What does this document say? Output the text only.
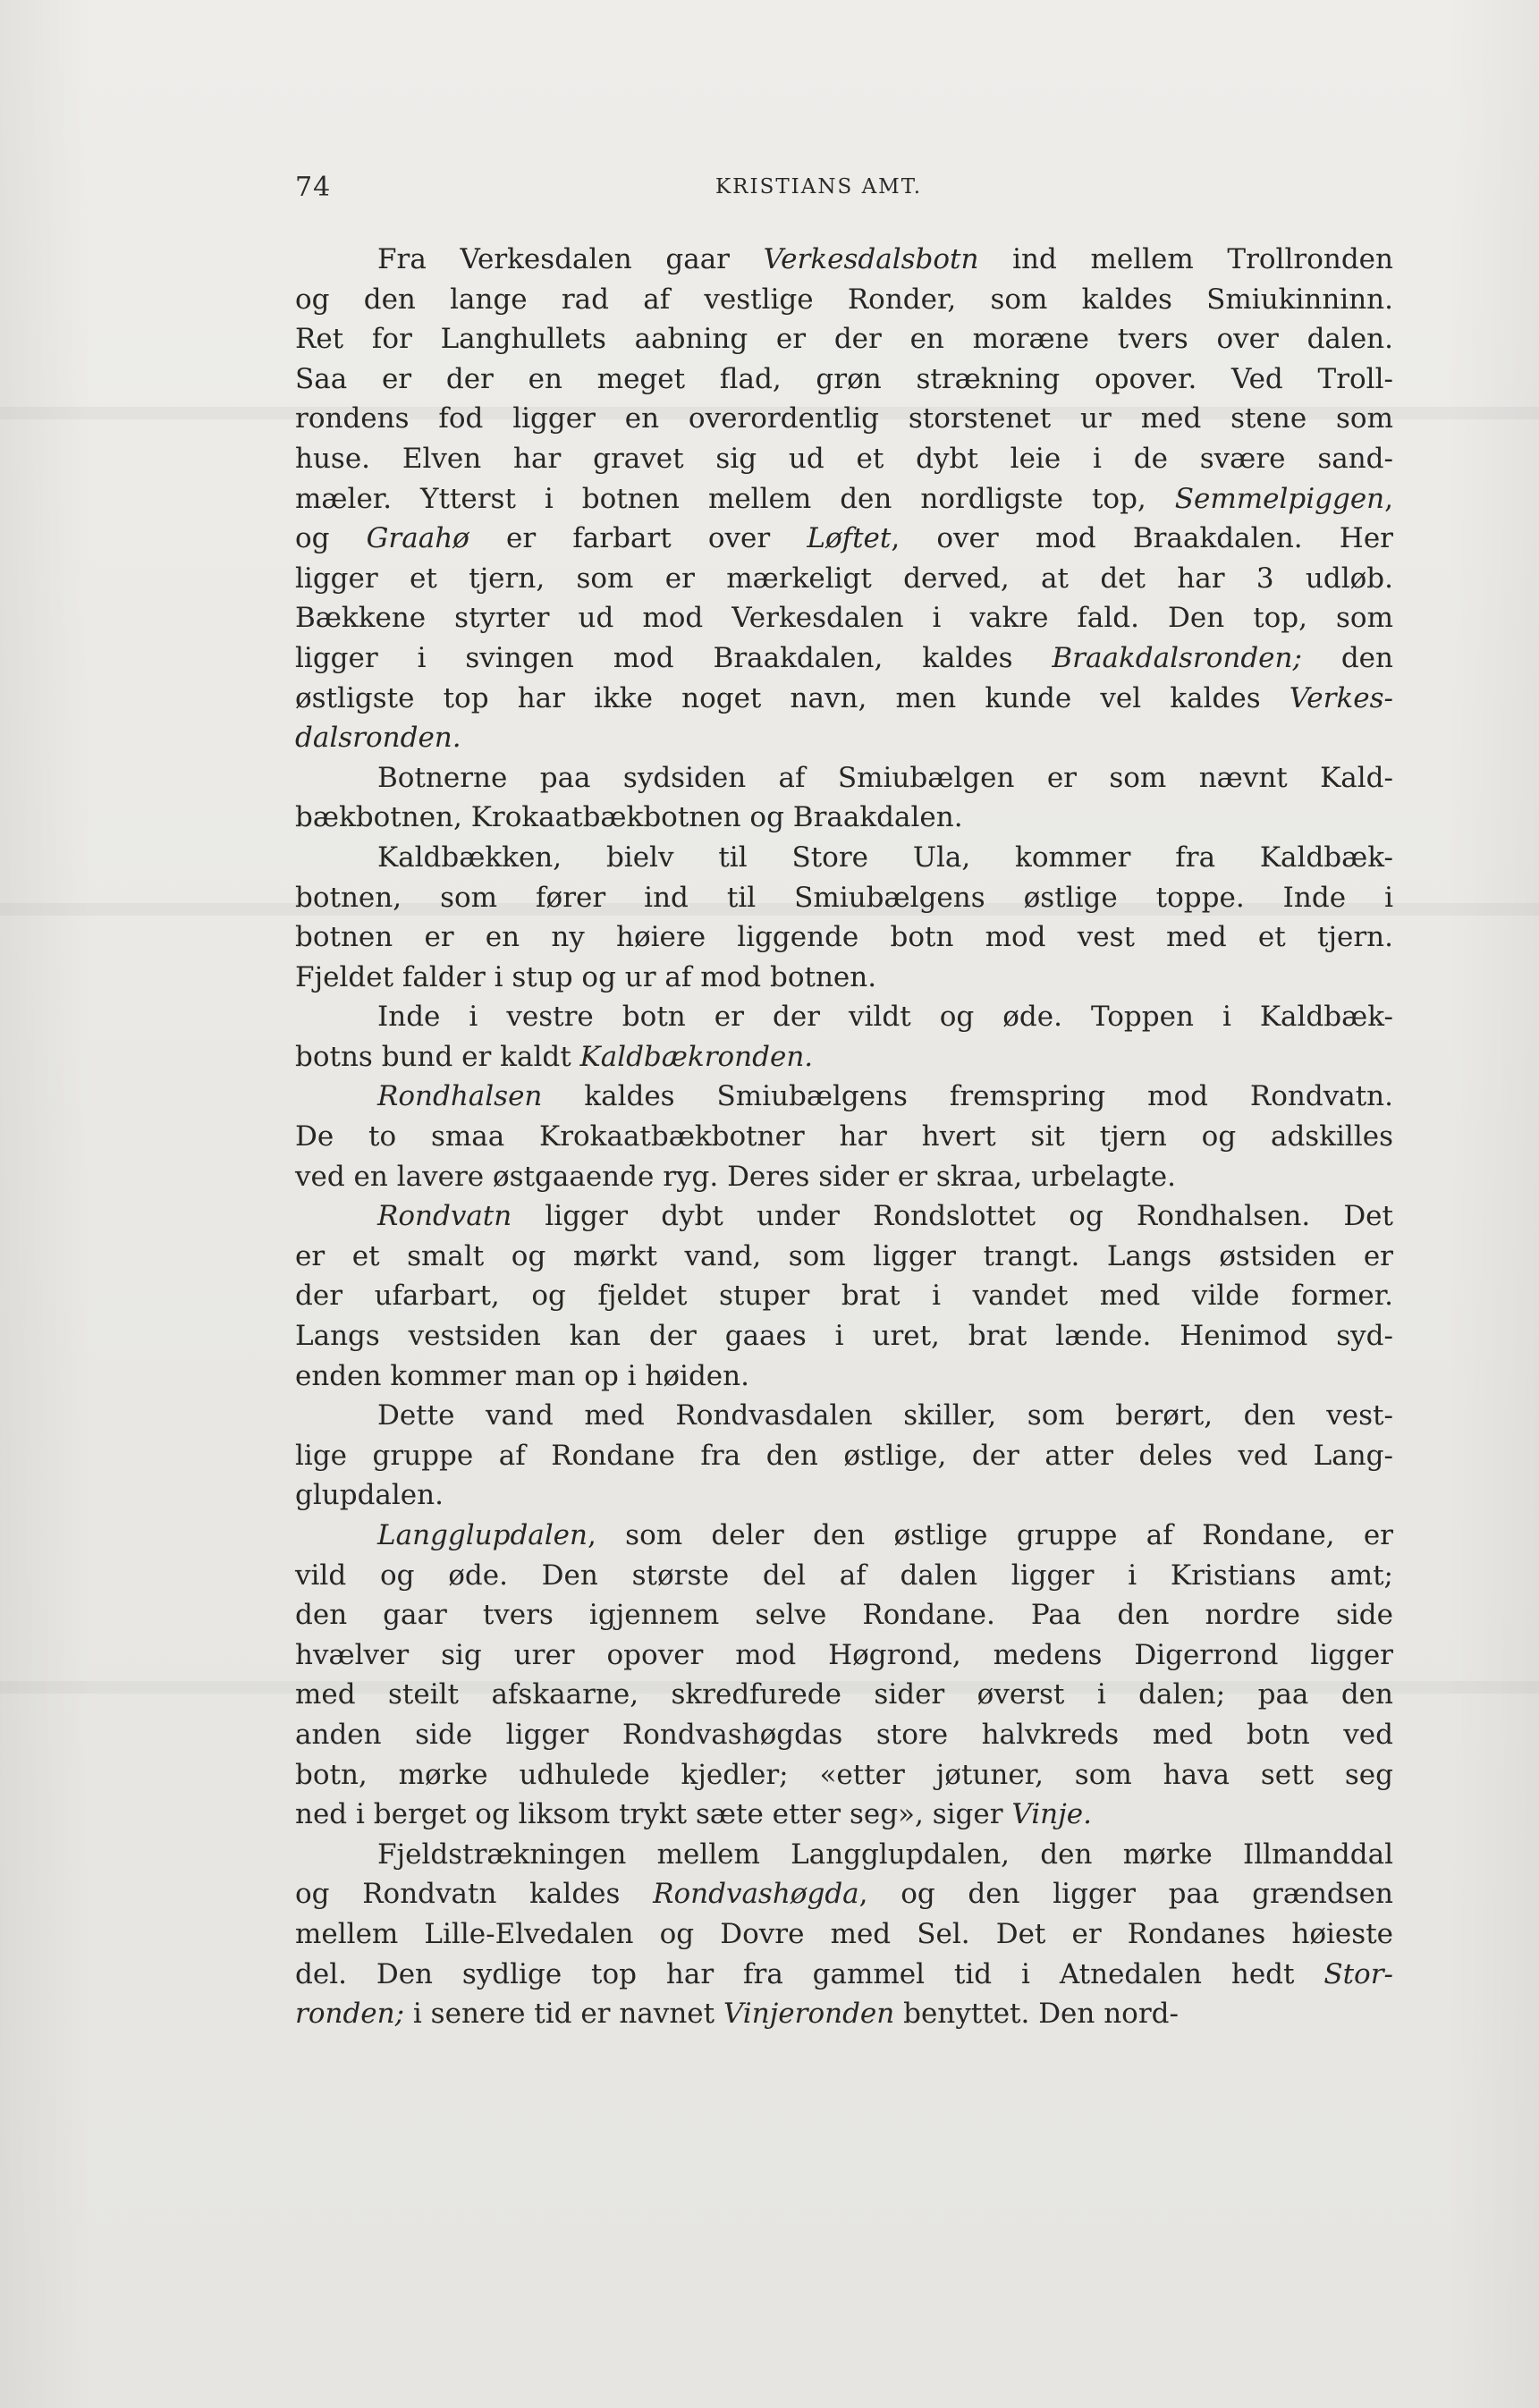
74	KRISTIANS AMT.
Fra Verkesdalen gaar Verkesdalsbotn ind mellem Trollronden
og den lange rad af vestlige Ronder, som kaldes Smiukinninn.
Ret for Langhullets aabning er der en moræne tvers over dalen.
Saa er der en meget flad, grøn strækning opover. Ved Troll-
rondens fod ligger en overordentlig storstenet ur med stene som
huse. Elven har gravet sig ud et dybt leie i de svære sand-
mæler. Ytterst i botnen mellem den nordligste top, Semmelpiggen,
og Graahø er farbart over Løftet, over mod Braakdalen. Her
ligger et tjern, som er mærkeligt derved, at det har 3 udløb.
Bækkene styrter ud mod Verkesdalen i vakre fald. Den top, som
ligger i svingen mod Braakdalen, kaldes Braakdalsronden; den
østligste top har ikke noget navn, men kunde vel kaldes Verkes-
dalsronden.
Botnerne paa sydsiden af Smiubælgen er som nævnt Kald-
bækbotnen, Krokaatbækbotnen og Braakdalen.
Kaldbækken, bielv til Store Ula, kommer fra Kaldbæk-
botnen, som fører ind til Smiubælgens østlige toppe. Inde i
botnen er en ny høiere liggende botn mod vest med et tjern.
Fjeldet falder i stup og ur af mod botnen.
Inde i vestre botn er der vildt og øde. Toppen i Kaldbæk-
botns bund er kaldt Kaldbækronden.
Rondhalsen kaldes Smiubælgens fremspring mod Rondvatn.
De to smaa Krokaatbækbotner har hvert sit tjern og adskilles
ved en lavere østgaaende ryg. Deres sider er skraa, urbelagte.
Rondvatn ligger dybt under Rondslottet og Rondhalsen. Det
er et smalt og mørkt vand, som ligger trangt. Langs østsiden er
der ufarbart, og fjeldet stuper brat i vandet med vilde former.
Langs vestsiden kan der gaaes i uret, brat lænde. Henimod syd-
enden kommer man op i høiden.
Dette vand med Rondvasdalen skiller, som berørt, den vest-
lige gruppe af Rondane fra den østlige, der atter deles ved Lang-
glupdalen.
Langglupdalen, som deler den østlige gruppe af Rondane, er
vild og øde. Den største del af dalen ligger i Kristians amt;
den gaar tvers igjennem selve Rondane. Paa den nordre side
hvælver sig urer opover mod Høgrond, medens Digerrond ligger
med steilt afskaarne, skredfurede sider øverst i dalen; paa den
anden side ligger Rondvashøgdas store halvkreds med botn ved
botn, mørke udhulede kjedler; «etter jøtuner, som hava sett seg
ned i berget og liksom trykt sæte etter seg», siger Vinje.
Fjeldstrækningen mellem Langglupdalen, den mørke Illmanddal
og Rondvatn kaldes Rondvashøgda, og den ligger paa grændsen
mellem Lille-Elvedalen og Dovre med Sel. Det er Rondanes høieste
del. Den sydlige top har fra gammel tid i Atnedalen hedt Stor-
ronden; i senere tid er navnet Vinjeronden benyttet. Den nord-
